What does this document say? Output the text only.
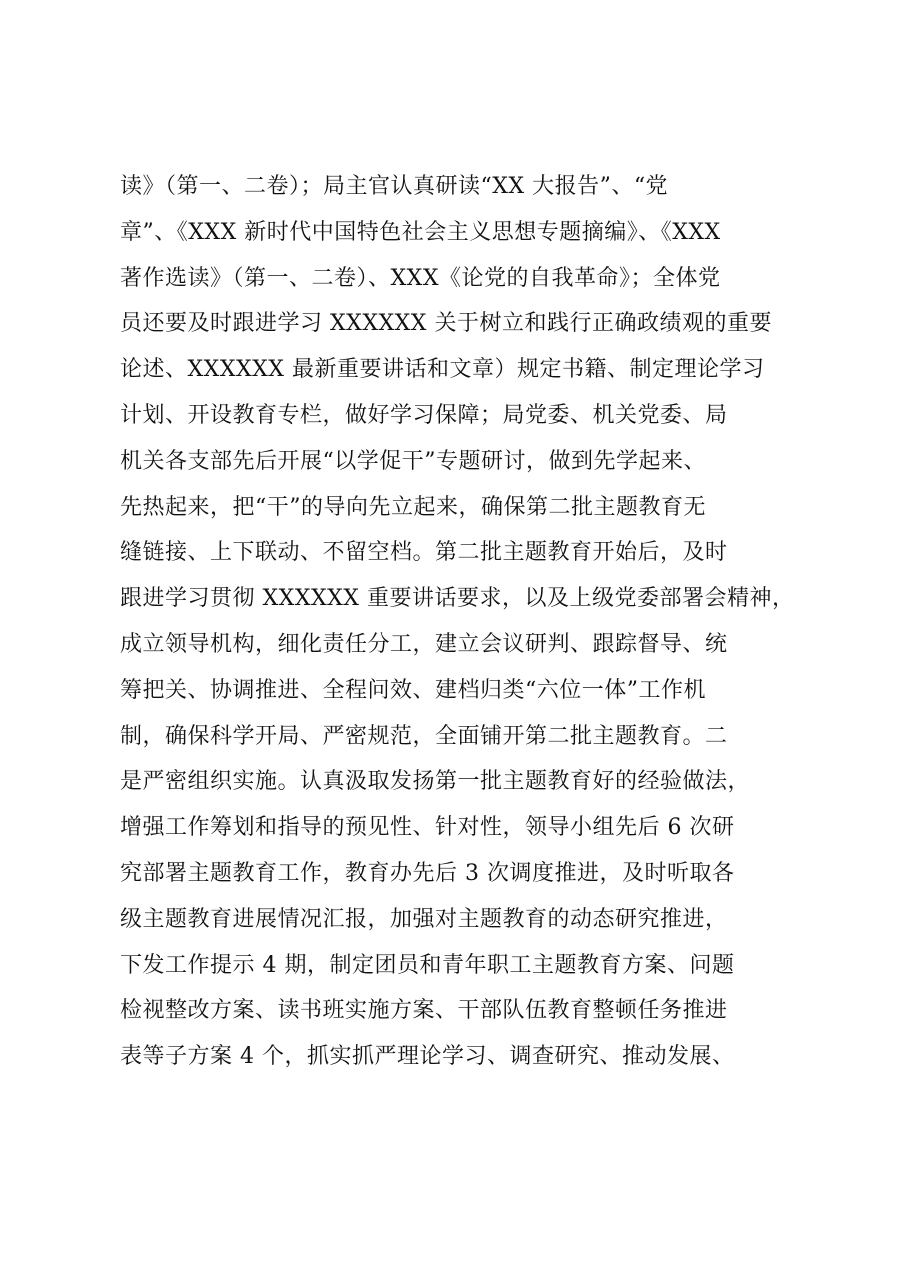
读》（第一、二卷）；局主官认真研读“XX 大报告”、“党
章”、《XXX 新时代中国特色社会主义思想专题摘编》、《XXX
著作选读》（第一、二卷）、XXX《论党的自我革命》；全体党
员还要及时跟进学习 XXXXXX 关于树立和践行正确政绩观的重要
论述、XXXXXX 最新重要讲话和文章）规定书籍、制定理论学习
计划、开设教育专栏，做好学习保障；局党委、机关党委、局
机关各支部先后开展“以学促干”专题研讨，做到先学起来、
先热起来，把“干”的导向先立起来，确保第二批主题教育无
缝链接、上下联动、不留空档。第二批主题教育开始后，及时
跟进学习贯彻 XXXXXX 重要讲话要求，以及上级党委部署会精神，
成立领导机构，细化责任分工，建立会议研判、跟踪督导、统
筹把关、协调推进、全程问效、建档归类“六位一体”工作机
制，确保科学开局、严密规范，全面铺开第二批主题教育。二
是严密组织实施。认真汲取发扬第一批主题教育好的经验做法，
增强工作筹划和指导的预见性、针对性，领导小组先后 6 次研
究部署主题教育工作，教育办先后 3 次调度推进，及时听取各
级主题教育进展情况汇报，加强对主题教育的动态研究推进，
下发工作提示 4 期，制定团员和青年职工主题教育方案、问题
检视整改方案、读书班实施方案、干部队伍教育整顿任务推进
表等子方案 4 个，抓实抓严理论学习、调查研究、推动发展、
